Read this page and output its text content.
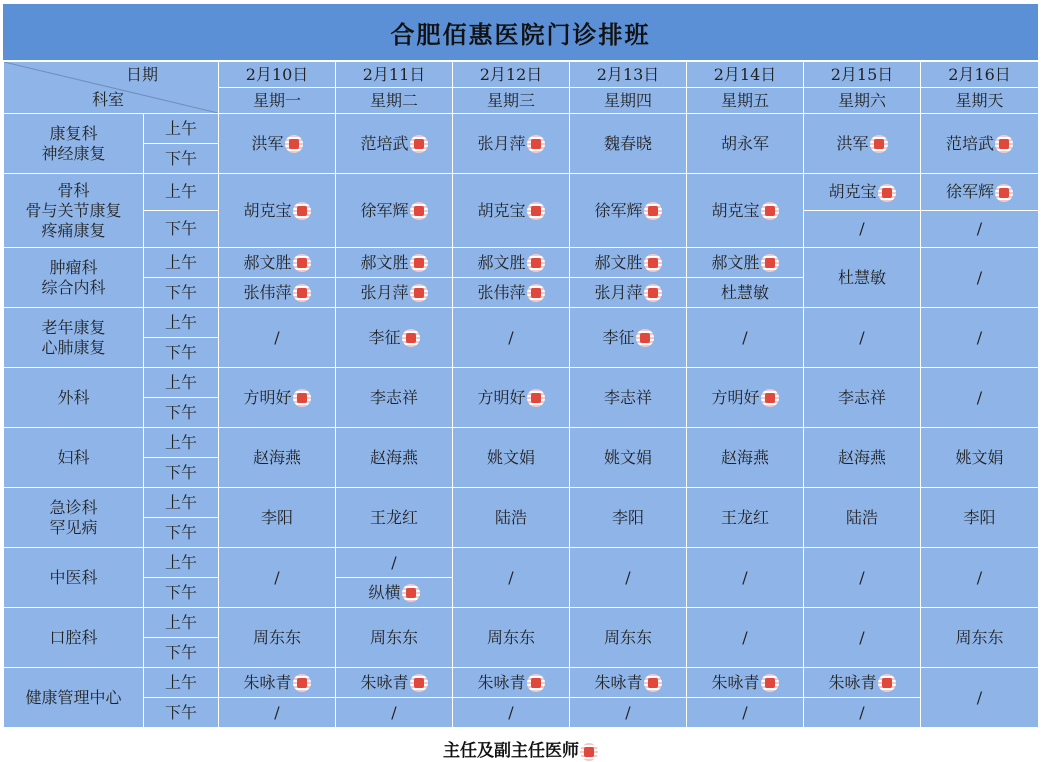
合肥佰惠医院门诊排班
日期
科室		2月10日	2月11日	2月12日	2月13日	2月14日	2月15日	2月16日
		星期一	星期二	星期三	星期四	星期五	星期六	星期天

康复科
神经康复	上午	洪军	范培武	张月萍	魏春晓	胡永军	洪军	范培武
	下午							

骨科
骨与关节康复
疼痛康复	上午	胡克宝	徐军辉	胡克宝	徐军辉	胡克宝	胡克宝	徐军辉
	下午						/	/

肿瘤科
综合内科	上午	郝文胜	郝文胜	郝文胜	郝文胜	郝文胜	杜慧敏	/
	下午	张伟萍	张月萍	张伟萍	张月萍	杜慧敏		

老年康复
心肺康复	上午	/	李征	/	李征	/	/	/
	下午							

外科	上午	方明好	李志祥	方明好	李志祥	方明好	李志祥	/
	下午							

妇科	上午	赵海燕	赵海燕	姚文娟	姚文娟	赵海燕	赵海燕	姚文娟
	下午							

急诊科
罕见病	上午	李阳	王龙红	陆浩	李阳	王龙红	陆浩	李阳
	下午							

中医科	上午	/	/	/	/	/	/	/
	下午		纵横					

口腔科	上午	周东东	周东东	周东东	周东东	/	/	周东东
	下午							

健康管理中心	上午	朱咏青	朱咏青	朱咏青	朱咏青	朱咏青	朱咏青	/
	下午	/	/	/	/	/	/	
主任及副主任医师
